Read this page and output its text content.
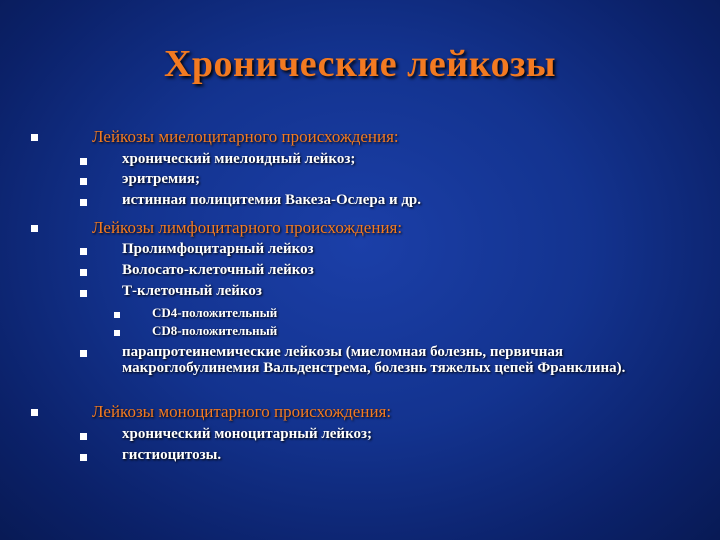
Хронические лейкозы
Лейкозы миелоцитарного происхождения:
хронический миелоидный лейкоз;
эритремия;
истинная полицитемия Вакеза-Ослера и др.
Лейкозы лимфоцитарного происхождения:
Пролимфоцитарный лейкоз
Волосато-клеточный лейкоз
Т-клеточный лейкоз
CD4-положительный
CD8-положительный
парапротеинемические лейкозы (миеломная болезнь, первичная макроглобулинемия Вальденстрема, болезнь тяжелых цепей Франклина).
Лейкозы моноцитарного происхождения:
хронический моноцитарный лейкоз;
гистиоцитозы.
